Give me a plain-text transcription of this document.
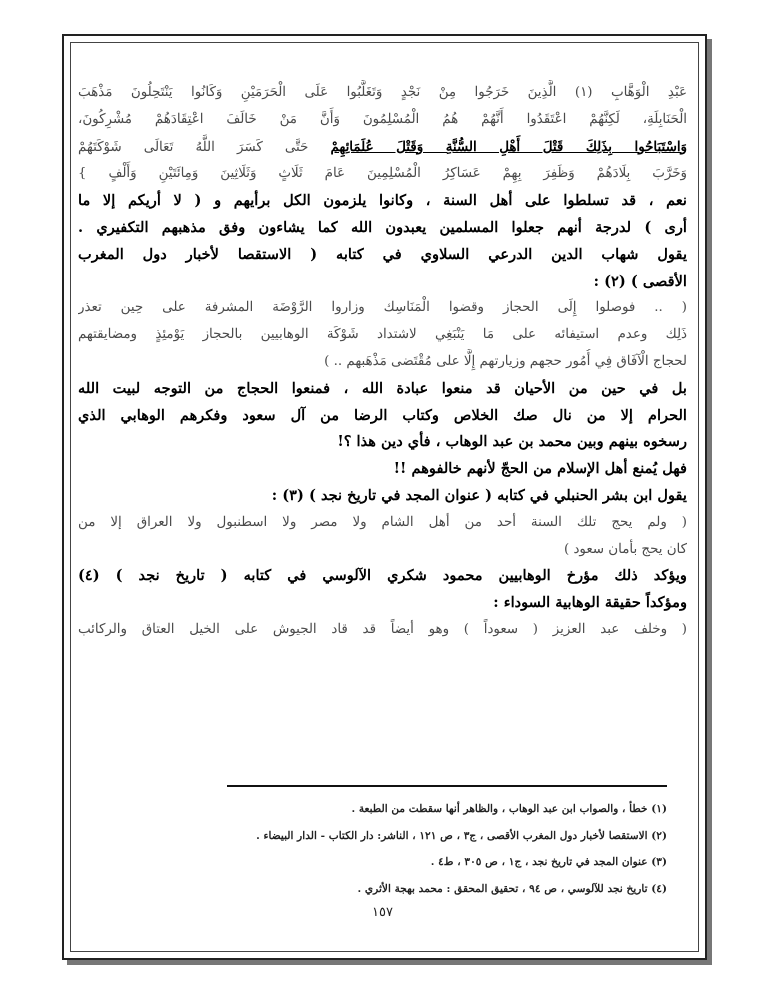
عَبْدِ الْوَهَّابِ (١) الَّذِينَ خَرَجُوا مِنْ نَجْدٍ وَتَغَلَّبُوا عَلَى الْحَرَمَيْنِ وَكَانُوا يَنْتَحِلُونَ مَذْهَبَ
الْحَنَابِلَةِ، لَكِنَّهُمْ اعْتَقَدُوا أَنَّهُمْ هُمُ الْمُسْلِمُونَ وَأَنَّ مَنْ خَالَفَ اعْتِقَادَهُمْ مُشْرِكُونَ،
وَاسْتَبَاحُوا بِذَلِكَ قَتْلَ أَهْلِ السُّنَّةِ وَقَتْلَ عُلَمَائِهِمْ حَتَّى كَسَرَ اللَّهُ تَعَالَى شَوْكَتَهُمْ
وَخَرَّبَ بِلَادَهُمْ وَظَفِرَ بِهِمْ عَسَاكِرُ الْمُسْلِمِينَ عَامَ ثَلَاثٍ وَثَلَاثِينَ وَمِائَتَيْنِ وَأَلْفٍ }
نعم ، قد تسلطوا على أهل السنة ، وكانوا يلزمون الكل برأيهم و ( لا أريكم إلا ما
أرى ) لدرجة أنهم جعلوا المسلمين يعبدون الله كما يشاءون وفق مذهبهم التكفيري .
يقول شهاب الدين الدرعي السلاوي في كتابه ( الاستقصا لأخبار دول المغرب
الأقصى ) (٢) :
( .. فوصلوا إِلَى الحجاز وقضوا الْمَنَاسِك وزاروا الرَّوْضَة المشرفة على حِين تعذر
ذَلِك وعدم استيفائه على مَا يَنْبَغِي لاشتداد شَوْكَة الوهابيين بالحجاز يَوْمئِذٍ ومضايقتهم
لحجاج الْآفَاق فِي أُمُور حجهم وزيارتهم إِلَّا على مُقْتَضى مَذْهَبهم .. )
بل في حين من الأحيان قد منعوا عبادة الله ، فمنعوا الحجاج من التوجه لبيت الله
الحرام إلا من نال صك الخلاص وكتاب الرضا من آل سعود وفكرهم الوهابي الذي
رسخوه بينهم وبين محمد بن عبد الوهاب ، فأي دين هذا ؟!
فهل يُمنع أهل الإسلام من الحجّ لأنهم خالفوهم !!
يقول ابن بشر الحنبلي في كتابه ( عنوان المجد في تاريخ نجد ) (٣) :
( ولم يحج تلك السنة أحد من أهل الشام ولا مصر ولا اسطنبول ولا العراق إلا من
كان يحج بأمان سعود )
ويؤكد ذلك مؤرخ الوهابيين محمود شكري الآلوسي في كتابه ( تاريخ نجد ) (٤)
ومؤكداً حقيقة الوهابية السوداء :
( وخلف عبد العزيز ( سعوداً ) وهو أيضاً قد قاد الجيوش على الخيل العتاق والركائب
(١) خطأ ، والصواب ابن عبد الوهاب ، والظاهر أنها سقطت من الطبعة .
(٢) الاستقصا لأخبار دول المغرب الأقصى ، ج٣ ، ص ١٢١ ، الناشر: دار الكتاب - الدار البيضاء .
(٣) عنوان المجد في تاريخ نجد ، ج١ ، ص ٣٠٥ ، ط٤ .
(٤) تاريخ نجد للآلوسي ، ص ٩٤ ، تحقيق المحقق : محمد بهجة الأثري .
١٥٧
